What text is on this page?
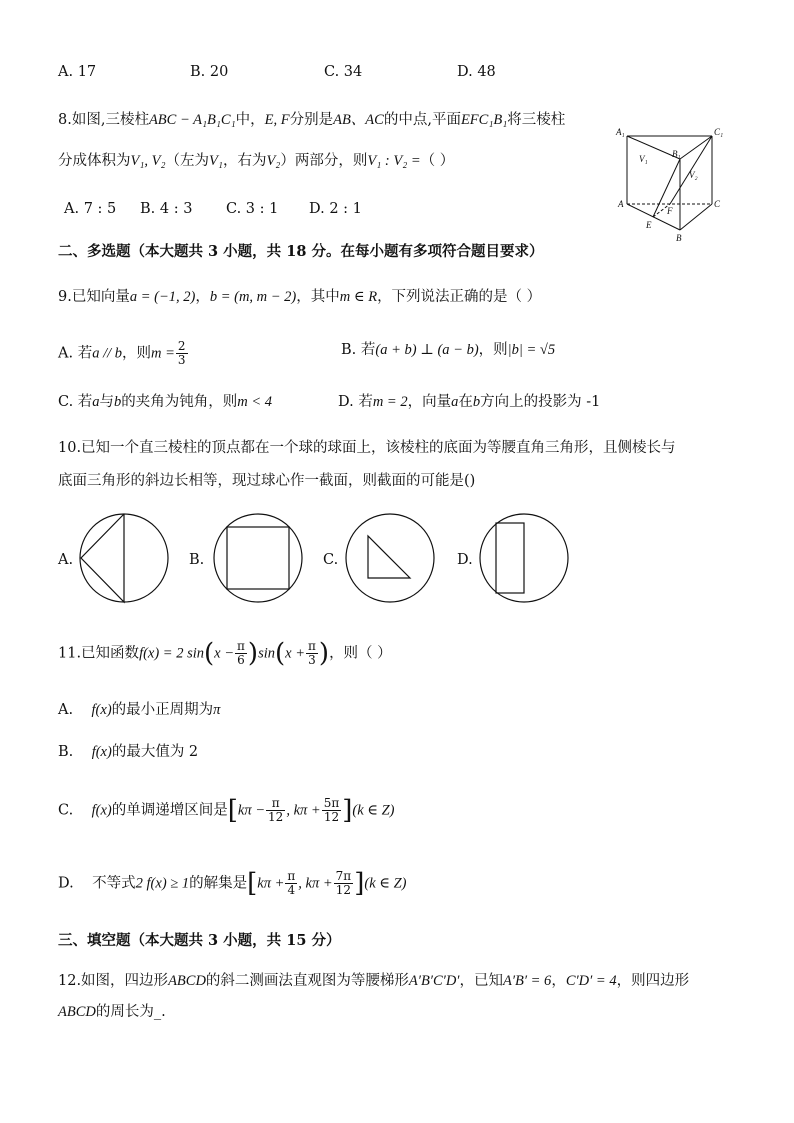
A. 17	B. 20	C. 34	D. 48
8.如图,三棱柱ABC − A₁B₁C₁中，E, F分别是AB、AC的中点,平面EFC₁B₁将三棱柱
分成体积为V₁, V₂（左为V₁，右为V₂）两部分，则V₁ : V₂ =（ ）
A. 7 : 5 B. 4 : 3 C. 3 : 1 D. 2 : 1
A₁	C₁
B₁
V₁
V₂
A	C
F
E
B
二、多选题（本大题共 3 小题，共 18 分。在每小题有多项符合题目要求）
9.已知向量a = (−1, 2)，b = (m, m − 2)，其中m ∈ R，下列说法正确的是（ ）
A. 若a // b，则$m = \frac{2}{3}$	B. 若(a + b) ⊥ (a − b)，则|b| = √5
C. 若a与b的夹角为钝角，则m < 4	D. 若m = 2，向量a在b方向上的投影为 -1
10.已知一个直三棱柱的顶点都在一个球的球面上，该棱柱的底面为等腰直角三角形，且侧棱长与
底面三角形的斜边长相等，现过球心作一截面，则截面的可能是()
A.	B.	C.	D.
11.已知函数f(x) = 2 $\sin(x - \frac{\pi}{6} )\sin(x + \frac{\pi}{3}$ )，则（ ）
A. f(x)的最小正周期为π
B. f(x)的最大值为 2
C. f(x)的单调递增区间是[$k\pi - \frac{\pi}{12}$ , $k\pi + \frac{5\pi}{12} ](k$ ∈ Z)
D. 不等式2 f(x) ≥ 1的解集是[$k\pi + \frac{\pi}{4}$ , $k\pi + \frac{7\pi}{12} ](k$ ∈ Z)
三、填空题（本大题共 3 小题，共 15 分）
12.如图，四边形ABCD的斜二测画法直观图为等腰梯形A′B′C′D′，已知A′B′ = 6，C′D′ = 4，则四边形
ABCD的周长为_.
